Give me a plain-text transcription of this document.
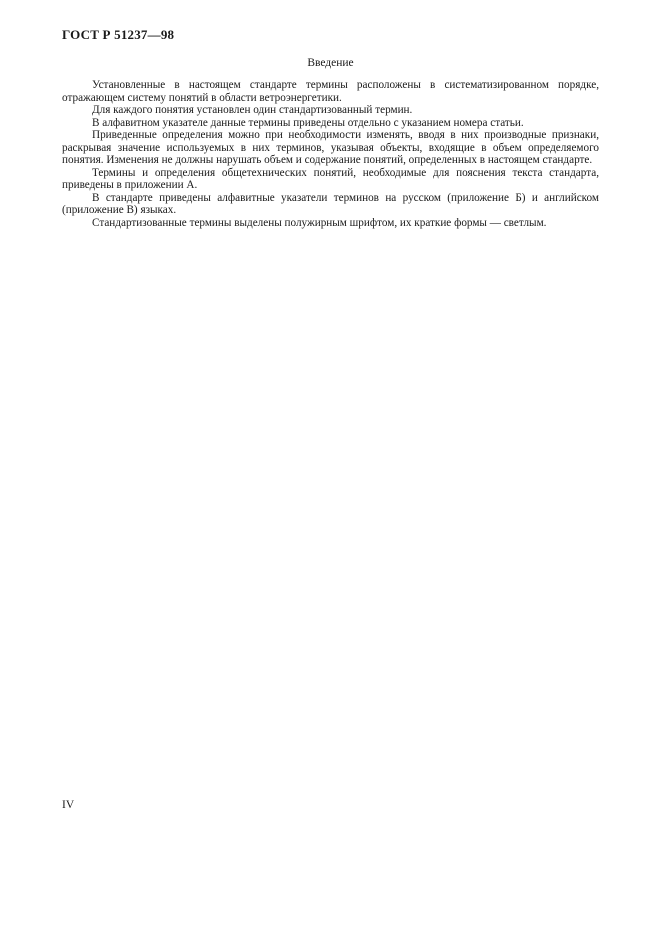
ГОСТ Р 51237—98
Введение

Установленные в настоящем стандарте термины расположены в систематизированном порядке, отражающем систему понятий в области ветроэнергетики.

Для каждого понятия установлен один стандартизованный термин.

В алфавитном указателе данные термины приведены отдельно с указанием номера статьи.

Приведенные определения можно при необходимости изменять, вводя в них производные признаки, раскрывая значение используемых в них терминов, указывая объекты, входящие в объем определяемого понятия. Изменения не должны нарушать объем и содержание понятий, определенных в настоящем стандарте.

Термины и определения общетехнических понятий, необходимые для пояснения текста стандарта, приведены в приложении А.

В стандарте приведены алфавитные указатели терминов на русском (приложение Б) и английском (приложение В) языках.

Стандартизованные термины выделены полужирным шрифтом, их краткие формы — светлым.

IV
